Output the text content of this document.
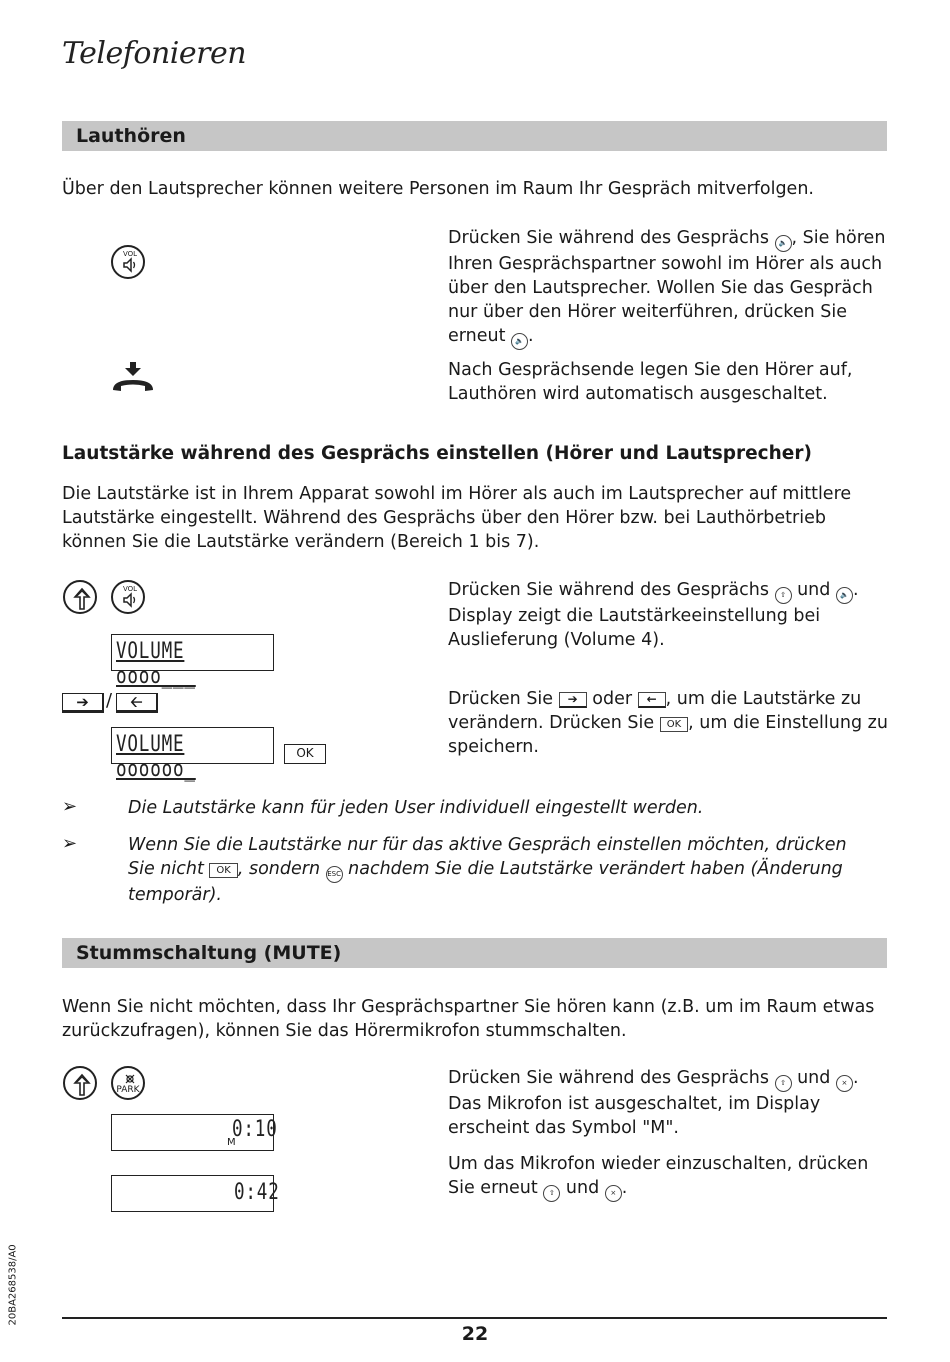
Telefonieren
Lauthören
Über den Lautsprecher können weitere Personen im Raum Ihr Gespräch mitverfolgen.
VOL
Drücken Sie während des Gesprächs 🔈 , Sie hören Ihren Gesprächspartner sowohl im Hörer als auch über den Lautsprecher. Wollen Sie das Gespräch nur über den Hörer weiterführen, drücken Sie erneut 🔈 .
Nach Gesprächsende legen Sie den Hörer auf, Lauthören wird automatisch ausgeschaltet.
Lautstärke während des Gesprächs einstellen (Hörer und Lautsprecher)
Die Lautstärke ist in Ihrem Apparat sowohl im Hörer als auch im Lautsprecher auf mittlere Lautstärke eingestellt. Während des Gesprächs über den Hörer bzw. bei Lauthörbetrieb können Sie die Lautstärke verändern (Bereich 1 bis 7).
VOL
VOLUME oooo___
Drücken Sie während des Gesprächs ⇧ und 🔈 . Display zeigt die Lautstärkeeinstellung bei Auslieferung (Volume 4).
➔ /	🡠
VOLUME oooooo_
OK
Drücken Sie ➔ oder ← , um die Lautstärke zu verändern. Drücken Sie OK , um die Einstellung zu speichern.
➢	Die Lautstärke kann für jeden User individuell eingestellt werden.
➢	Wenn Sie die Lautstärke nur für das aktive Gespräch einstellen möchten, drücken Sie nicht OK , sondern ESC nachdem Sie die Lautstärke verändert haben (Änderung temporär).
Stummschaltung (MUTE)
Wenn Sie nicht möchten, dass Ihr Gesprächspartner Sie hören kann (z.B. um im Raum etwas zurückzufragen), können Sie das Hörermikrofon stummschalten.
PARK
0:10
M
0:42
Drücken Sie während des Gesprächs ⇧ und × . Das Mikrofon ist ausgeschaltet, im Display erscheint das Symbol "M".
Um das Mikrofon wieder einzuschalten, drücken Sie erneut ⇧ und × .
20BA268538/A0
22
